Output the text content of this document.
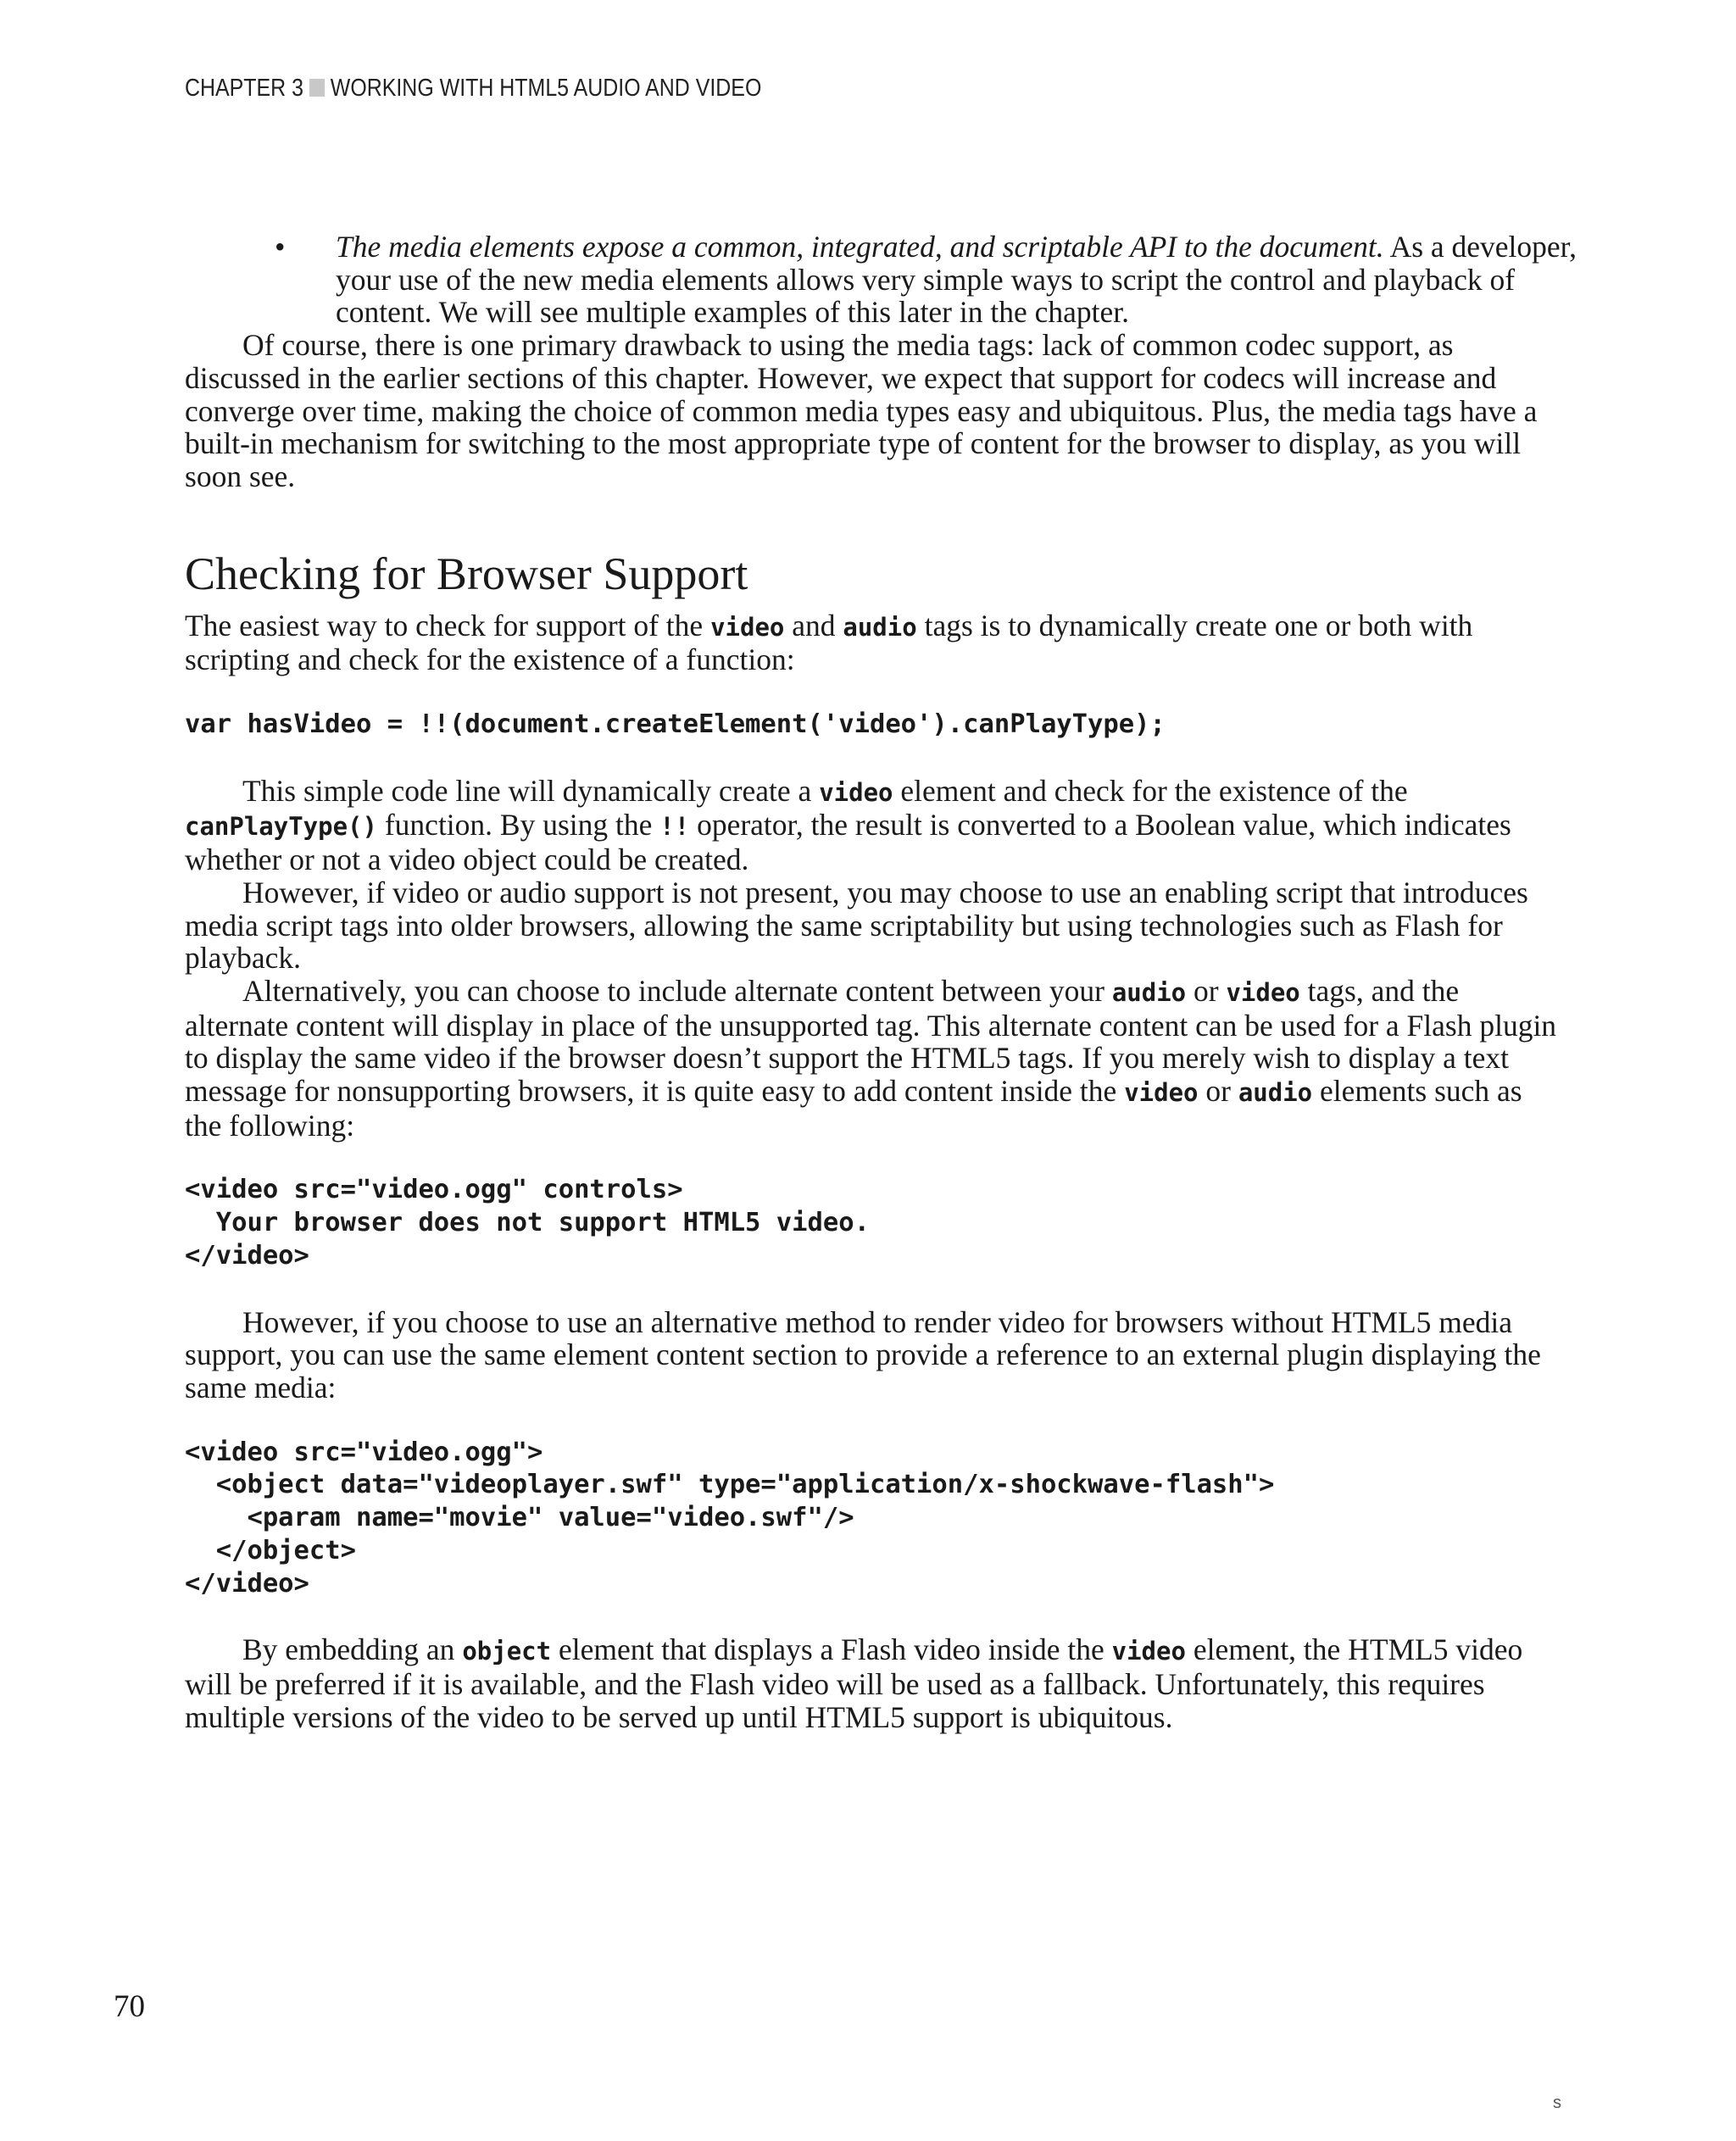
CHAPTER 3 WORKING WITH HTML5 AUDIO AND VIDEO

• The media elements expose a common, integrated, and scriptable API to the document. As a developer, your use of the new media elements allows very simple ways to script the control and playback of content. We will see multiple examples of this later in the chapter.

Of course, there is one primary drawback to using the media tags: lack of common codec support, as discussed in the earlier sections of this chapter. However, we expect that support for codecs will increase and converge over time, making the choice of common media types easy and ubiquitous. Plus, the media tags have a built-in mechanism for switching to the most appropriate type of content for the browser to display, as you will soon see.

Checking for Browser Support

The easiest way to check for support of the video and audio tags is to dynamically create one or both with scripting and check for the existence of a function:

var hasVideo = !!(document.createElement('video').canPlayType);

This simple code line will dynamically create a video element and check for the existence of the canPlayType() function. By using the !! operator, the result is converted to a Boolean value, which indicates whether or not a video object could be created.

However, if video or audio support is not present, you may choose to use an enabling script that introduces media script tags into older browsers, allowing the same scriptability but using technologies such as Flash for playback.

Alternatively, you can choose to include alternate content between your audio or video tags, and the alternate content will display in place of the unsupported tag. This alternate content can be used for a Flash plugin to display the same video if the browser doesn’t support the HTML5 tags. If you merely wish to display a text message for nonsupporting browsers, it is quite easy to add content inside the video or audio elements such as the following:

<video src="video.ogg" controls>
Your browser does not support HTML5 video.
</video>

However, if you choose to use an alternative method to render video for browsers without HTML5 media support, you can use the same element content section to provide a reference to an external plugin displaying the same media:

<video src="video.ogg">
<object data="videoplayer.swf" type="application/x-shockwave-flash">
<param name="movie" value="video.swf"/>
</object>
</video>

By embedding an object element that displays a Flash video inside the video element, the HTML5 video will be preferred if it is available, and the Flash video will be used as a fallback. Unfortunately, this requires multiple versions of the video to be served up until HTML5 support is ubiquitous.

70
s
